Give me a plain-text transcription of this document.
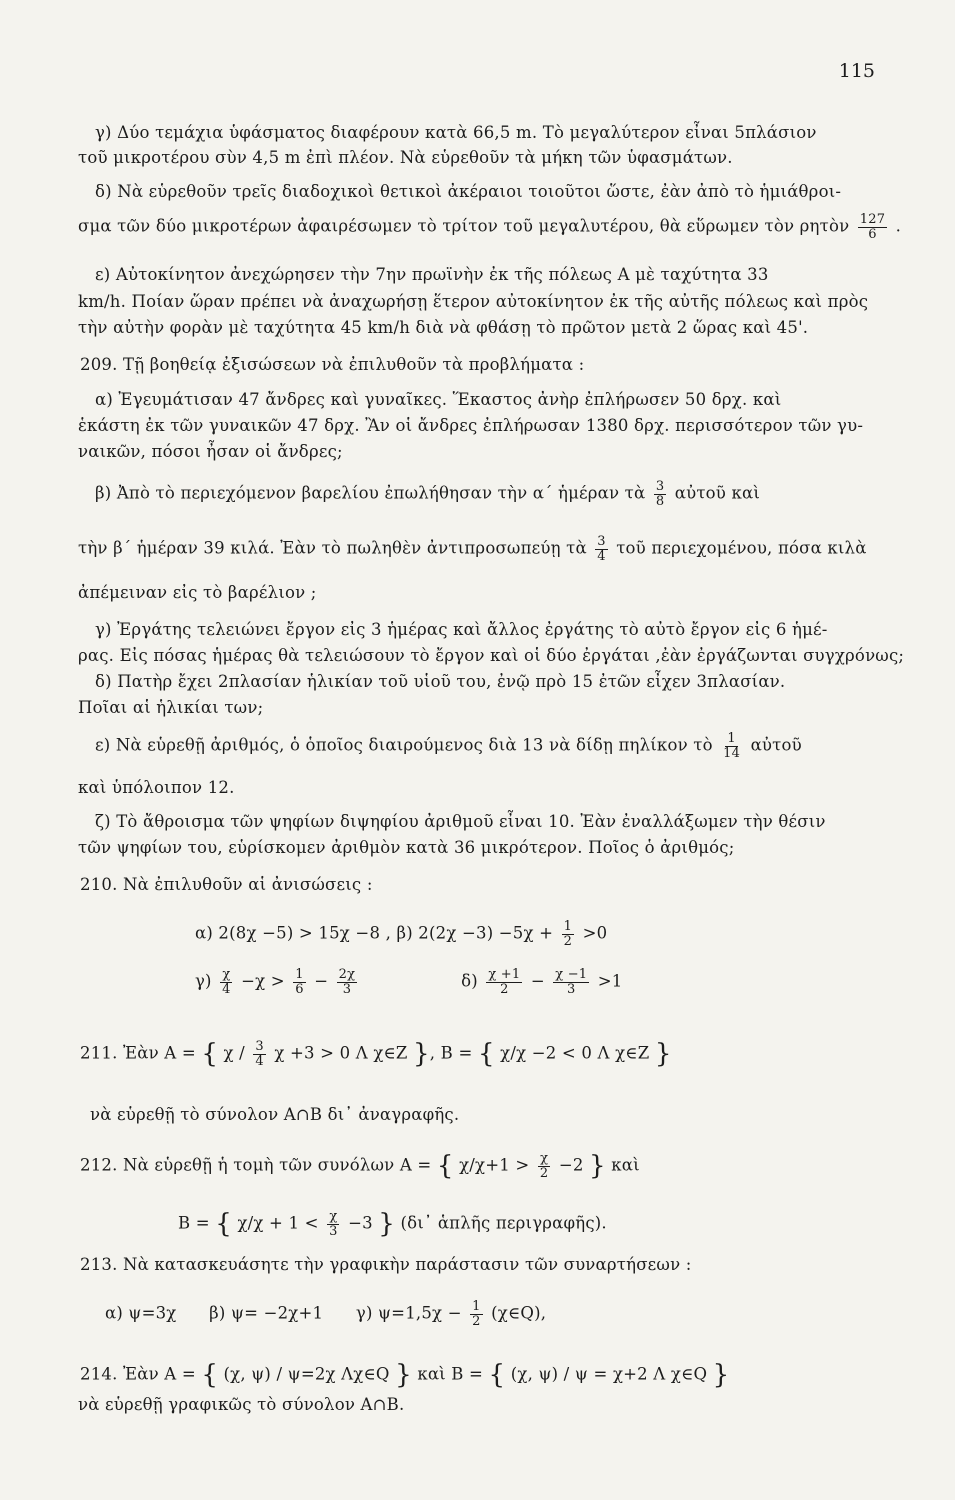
115
γ) Δύο τεμάχια ὑφάσματος διαφέρουν κατὰ 66,5 m. Τὸ μεγαλύτερον εἶναι 5πλάσιον
τοῦ μικροτέρου σὺν 4,5 m ἐπὶ πλέον. Νὰ εὑρεθοῦν τὰ μήκη τῶν ὑφασμάτων.
δ) Νὰ εὑρεθοῦν τρεῖς διαδοχικοὶ θετικοὶ ἀκέραιοι τοιοῦτοι ὥστε, ἐὰν ἀπὸ τὸ ἡμιάθροι-
σμα τῶν δύο μικροτέρων ἀφαιρέσωμεν τὸ τρίτον τοῦ μεγαλυτέρου, θὰ εὕρωμεν τὸν ρητὸν $\frac{127}{6}$ .
ε) Αὐτοκίνητον ἀνεχώρησεν τὴν 7ην πρωϊνὴν ἐκ τῆς πόλεως Α μὲ ταχύτητα 33
km/h. Ποίαν ὥραν πρέπει νὰ ἀναχωρήσῃ ἕτερον αὐτοκίνητον ἐκ τῆς αὐτῆς πόλεως καὶ πρὸς
τὴν αὐτὴν φορὰν μὲ ταχύτητα 45 km/h διὰ νὰ φθάσῃ τὸ πρῶτον μετὰ 2 ὥρας καὶ 45'.
209. Τῇ βοηθείᾳ ἐξισώσεων νὰ ἐπιλυθοῦν τὰ προβλήματα :
α) Ἐγευμάτισαν 47 ἄνδρες καὶ γυναῖκες. Ἕκαστος ἀνὴρ ἐπλήρωσεν 50 δρχ. καὶ
ἑκάστη ἐκ τῶν γυναικῶν 47 δρχ. Ἂν οἱ ἄνδρες ἐπλήρωσαν 1380 δρχ. περισσότερον τῶν γυ-
ναικῶν, πόσοι ἦσαν οἱ ἄνδρες;
β) Ἀπὸ τὸ περιεχόμενον βαρελίου ἐπωλήθησαν τὴν α΄ ἡμέραν τὰ $\frac{3}{8}$ αὐτοῦ καὶ
τὴν β΄ ἡμέραν 39 κιλά. Ἐὰν τὸ πωληθὲν ἀντιπροσωπεύῃ τὰ $\frac{3}{4}$ τοῦ περιεχομένου, πόσα κιλὰ
ἀπέμειναν εἰς τὸ βαρέλιον ;
γ) Ἐργάτης τελειώνει ἔργον εἰς 3 ἡμέρας καὶ ἄλλος ἐργάτης τὸ αὐτὸ ἔργον εἰς 6 ἡμέ-
ρας. Εἰς πόσας ἡμέρας θὰ τελειώσουν τὸ ἔργον καὶ οἱ δύο ἐργάται ,ἐὰν ἐργάζωνται συγχρόνως;
δ) Πατὴρ ἔχει 2πλασίαν ἡλικίαν τοῦ υἱοῦ του, ἐνῷ πρὸ 15 ἐτῶν εἶχεν 3πλασίαν.
Ποῖαι αἱ ἡλικίαι των;
ε) Νὰ εὑρεθῇ ἀριθμός, ὁ ὁποῖος διαιρούμενος διὰ 13 νὰ δίδῃ πηλίκον τὸ $\frac{1}{14}$ αὐτοῦ
καὶ ὑπόλοιπον 12.
ζ) Τὸ ἄθροισμα τῶν ψηφίων διψηφίου ἀριθμοῦ εἶναι 10. Ἐὰν ἐναλλάξωμεν τὴν θέσιν
τῶν ψηφίων του, εὑρίσκομεν ἀριθμὸν κατὰ 36 μικρότερον. Ποῖος ὁ ἀριθμός;
210. Νὰ ἐπιλυθοῦν αἱ ἀνισώσεις :
α) 2(8χ −5) > 15χ −8 , β) $2(2\chi -3) -5\chi + \frac{1}{2} >0$
$\gamma) \frac{\chi}{4} -\chi > \frac{1}{6} - \frac{2\chi}{3}$	$\delta) \frac{\chi +1}{2} - \frac{\chi -1}{3} >1$
211. Ἐὰν Α = { χ / $\frac{3}{4}$ χ +3 > 0 Λ χ∈Z }, Β = { χ/χ −2 < 0 Λ χ∈Z }
νὰ εὑρεθῇ τὸ σύνολον Α∩Β δι᾽ ἀναγραφῆς.
212. Νὰ εὑρεθῇ ἡ τομὴ τῶν συνόλων Α = { $\chi/\chi+1 > \frac{\chi}{2} -2$ } καὶ
Β = { $\chi/\chi + 1 < \frac{\chi}{3} -3$ } (δι᾽ ἁπλῆς περιγραφῆς).
213. Νὰ κατασκευάσητε τὴν γραφικὴν παράστασιν τῶν συναρτήσεων :
α) ψ=3χ      β) ψ= −2χ+1      γ) $\psi=1,5\chi - \frac{1}{2}$ (χ∈Q),
214. Ἐὰν Α = { (χ, ψ) / ψ=2χ Λχ∈Q } καὶ Β = { (χ, ψ) / ψ = χ+2 Λ χ∈Q }
νὰ εὑρεθῇ γραφικῶς τὸ σύνολον Α∩Β.
